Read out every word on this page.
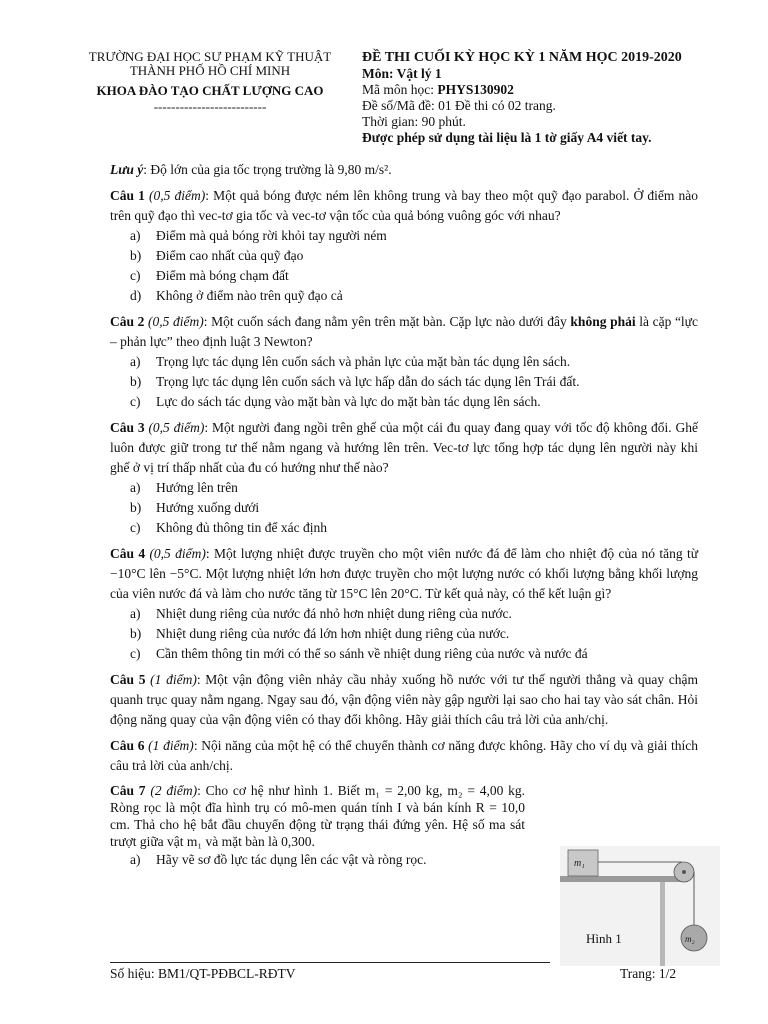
TRƯỜNG ĐẠI HỌC SƯ PHẠM KỸ THUẬT
THÀNH PHỐ HỒ CHÍ MINH
KHOA ĐÀO TẠO CHẤT LƯỢNG CAO
--------------------------
ĐỀ THI CUỐI KỲ HỌC KỲ 1 NĂM HỌC 2019-2020
Môn: Vật lý 1
Mã môn học: PHYS130902
Đề số/Mã đề: 01 Đề thi có 02 trang.
Thời gian: 90 phút.
Được phép sử dụng tài liệu là 1 tờ giấy A4 viết tay.

Lưu ý: Độ lớn của gia tốc trọng trường là 9,80 m/s².

Câu 1 (0,5 điểm): Một quả bóng được ném lên không trung và bay theo một quỹ đạo parabol. Ở điểm nào trên quỹ đạo thì vec-tơ gia tốc và vec-tơ vận tốc của quả bóng vuông góc với nhau?

a)	Điểm mà quả bóng rời khỏi tay người ném
b)	Điểm cao nhất của quỹ đạo
c)	Điểm mà bóng chạm đất
d)	Không ở điểm nào trên quỹ đạo cả

Câu 2 (0,5 điểm): Một cuốn sách đang nằm yên trên mặt bàn. Cặp lực nào dưới đây không phải là cặp “lực – phản lực” theo định luật 3 Newton?

a)	Trọng lực tác dụng lên cuốn sách và phản lực của mặt bàn tác dụng lên sách.
b)	Trọng lực tác dụng lên cuốn sách và lực hấp dẫn do sách tác dụng lên Trái đất.
c)	Lực do sách tác dụng vào mặt bàn và lực do mặt bàn tác dụng lên sách.

Câu 3 (0,5 điểm): Một người đang ngồi trên ghế của một cái đu quay đang quay với tốc độ không đổi. Ghế luôn được giữ trong tư thế nằm ngang và hướng lên trên. Vec-tơ lực tổng hợp tác dụng lên người này khi ghế ở vị trí thấp nhất của đu có hướng như thế nào?

a)	Hướng lên trên
b)	Hướng xuống dưới
c)	Không đủ thông tin để xác định

Câu 4 (0,5 điểm): Một lượng nhiệt được truyền cho một viên nước đá để làm cho nhiệt độ của nó tăng từ −10°C lên −5°C. Một lượng nhiệt lớn hơn được truyền cho một lượng nước có khối lượng bằng khối lượng của viên nước đá và làm cho nước tăng từ 15°C lên 20°C. Từ kết quả này, có thể kết luận gì?

a)	Nhiệt dung riêng của nước đá nhỏ hơn nhiệt dung riêng của nước.
b)	Nhiệt dung riêng của nước đá lớn hơn nhiệt dung riêng của nước.
c)	Cần thêm thông tin mới có thể so sánh về nhiệt dung riêng của nước và nước đá

Câu 5 (1 điểm): Một vận động viên nhảy cầu nhảy xuống hồ nước với tư thế người thẳng và quay chậm quanh trục quay nằm ngang. Ngay sau đó, vận động viên này gập người lại sao cho hai tay vào sát chân. Hỏi động năng quay của vận động viên có thay đổi không. Hãy giải thích câu trả lời của anh/chị.

Câu 6 (1 điểm): Nội năng của một hệ có thể chuyển thành cơ năng được không. Hãy cho ví dụ và giải thích câu trả lời của anh/chị.

Câu 7 (2 điểm): Cho cơ hệ như hình 1. Biết m₁ = 2,00 kg, m₂ = 4,00 kg. Ròng rọc là một đĩa hình trụ có mô-men quán tính I và bán kính R = 10,0 cm. Thả cho hệ bắt đầu chuyển động từ trạng thái đứng yên. Hệ số ma sát trượt giữa vật m₁ và mặt bàn là 0,300.

a)	Hãy vẽ sơ đồ lực tác dụng lên các vật và ròng rọc.	m₁
m₂
Hình 1
Số hiệu: BM1/QT-PĐBCL-RĐTV	Trang: 1/2
